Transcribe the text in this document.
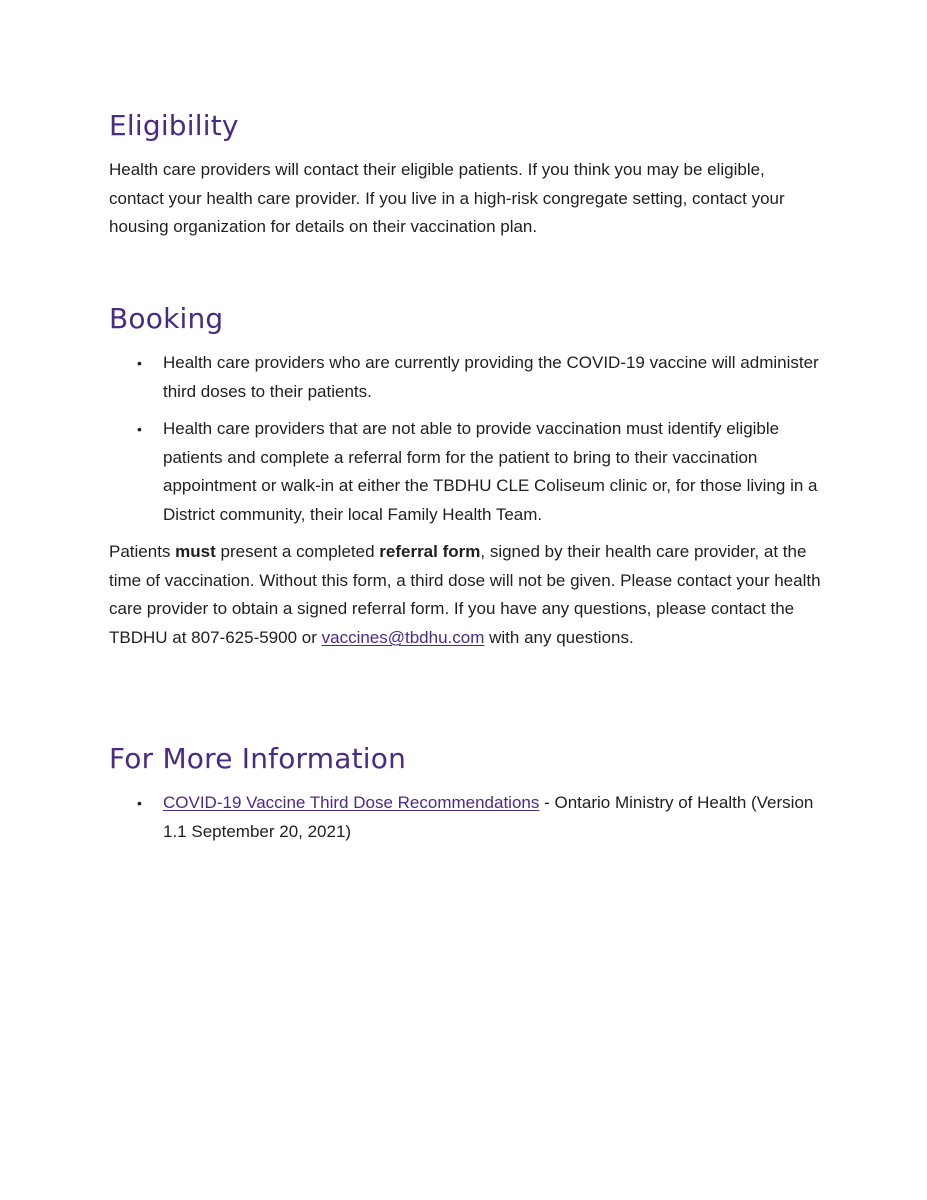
Eligibility

Health care providers will contact their eligible patients. If you think you may be eligible, contact your health care provider. If you live in a high-risk congregate setting, contact your housing organization for details on their vaccination plan.

Booking
• Health care providers who are currently providing the COVID-19 vaccine will administer third doses to their patients.
• Health care providers that are not able to provide vaccination must identify eligible patients and complete a referral form for the patient to bring to their vaccination appointment or walk-in at either the TBDHU CLE Coliseum clinic or, for those living in a District community, their local Family Health Team.

Patients must present a completed referral form, signed by their health care provider, at the time of vaccination. Without this form, a third dose will not be given. Please contact your health care provider to obtain a signed referral form. If you have any questions, please contact the TBDHU at 807-625-5900 or vaccines@tbdhu.com with any questions.

For More Information
• COVID-19 Vaccine Third Dose Recommendations - Ontario Ministry of Health (Version 1.1 September 20, 2021)
